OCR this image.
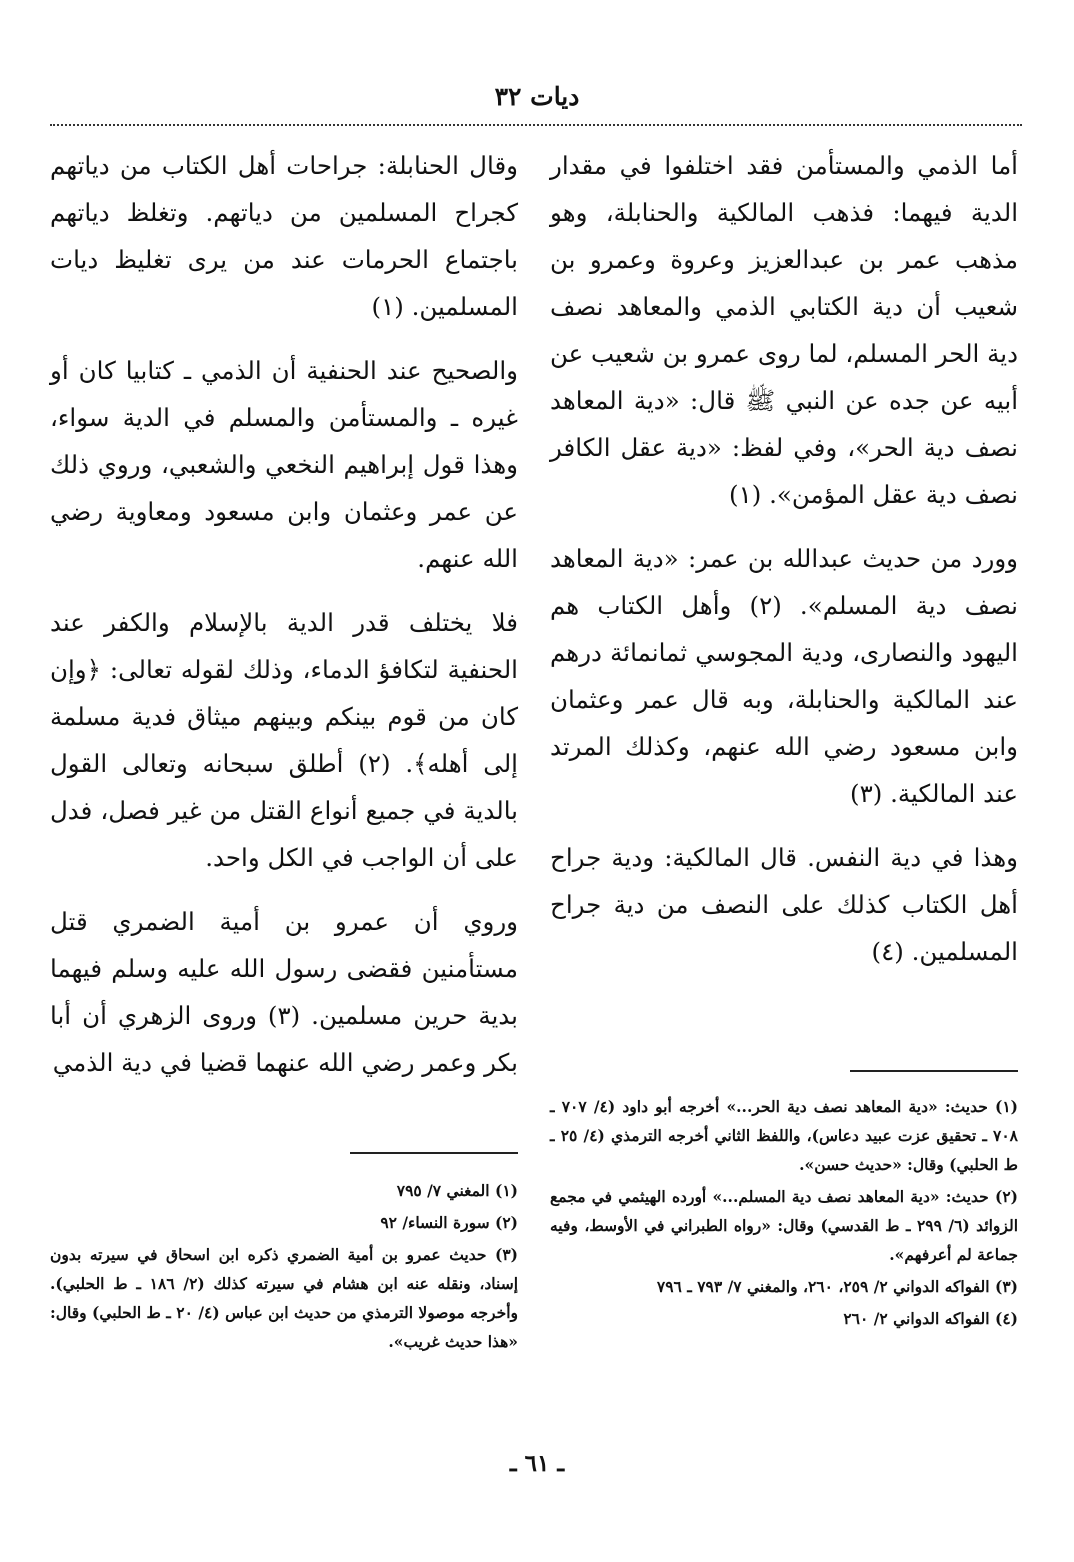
ديات ٣٢

أما الذمي والمستأمن فقد اختلفوا في مقدار الدية فيهما: فذهب المالكية والحنابلة، وهو مذهب عمر بن عبدالعزيز وعروة وعمرو بن شعيب أن دية الكتابي الذمي والمعاهد نصف دية الحر المسلم، لما روى عمرو بن شعيب عن أبيه عن جده عن النبي ﷺ قال: «دية المعاهد نصف دية الحر»، وفي لفظ: «دية عقل الكافر نصف دية عقل المؤمن». (١)

وورد من حديث عبدالله بن عمر: «دية المعاهد نصف دية المسلم». (٢) وأهل الكتاب هم اليهود والنصارى، ودية المجوسي ثمانمائة درهم عند المالكية والحنابلة، وبه قال عمر وعثمان وابن مسعود رضي الله عنهم، وكذلك المرتد عند المالكية. (٣)

وهذا في دية النفس. قال المالكية: ودية جراح أهل الكتاب كذلك على النصف من دية جراح المسلمين. (٤)

وقال الحنابلة: جراحات أهل الكتاب من دياتهم كجراح المسلمين من دياتهم. وتغلظ دياتهم باجتماع الحرمات عند من يرى تغليظ ديات المسلمين. (١)

والصحيح عند الحنفية أن الذمي ـ كتابيا كان أو غيره ـ والمستأمن والمسلم في الدية سواء، وهذا قول إبراهيم النخعي والشعبي، وروي ذلك عن عمر وعثمان وابن مسعود ومعاوية رضي الله عنهم.

فلا يختلف قدر الدية بالإسلام والكفر عند الحنفية لتكافؤ الدماء، وذلك لقوله تعالى: ﴿وإن كان من قوم بينكم وبينهم ميثاق فدية مسلمة إلى أهله﴾. (٢) أطلق سبحانه وتعالى القول بالدية في جميع أنواع القتل من غير فصل، فدل على أن الواجب في الكل واحد.

وروي أن عمرو بن أمية الضمري قتل مستأمنين فقضى رسول الله عليه وسلم فيهما بدية حرين مسلمين. (٣) وروى الزهري أن أبا بكر وعمر رضي الله عنهما قضيا في دية الذمي

(١) حديث: «دية المعاهد نصف دية الحر...» أخرجه أبو داود (٤/ ٧٠٧ ـ ٧٠٨ ـ تحقيق عزت عبيد دعاس)، واللفظ الثاني أخرجه الترمذي (٤/ ٢٥ ـ ط الحلبي) وقال: «حديث حسن».

(٢) حديث: «دية المعاهد نصف دية المسلم...» أورده الهيثمي في مجمع الزوائد (٦/ ٢٩٩ ـ ط القدسي) وقال: «رواه الطبراني في الأوسط، وفيه جماعة لم أعرفهم».

(٣) الفواكه الدواني ٢/ ٢٥٩، ٢٦٠، والمغني ٧/ ٧٩٣ ـ ٧٩٦

(٤) الفواكه الدواني ٢/ ٢٦٠

(١) المغني ٧/ ٧٩٥

(٢) سورة النساء/ ٩٢

(٣) حديث عمرو بن أمية الضمري ذكره ابن اسحاق في سيرته بدون إسناد، ونقله عنه ابن هشام في سيرته كذلك (٢/ ١٨٦ ـ ط الحلبي). وأخرجه موصولا الترمذي من حديث ابن عباس (٤/ ٢٠ ـ ط الحلبي) وقال: «هذا حديث غريب».

ـ ٦١ ـ
